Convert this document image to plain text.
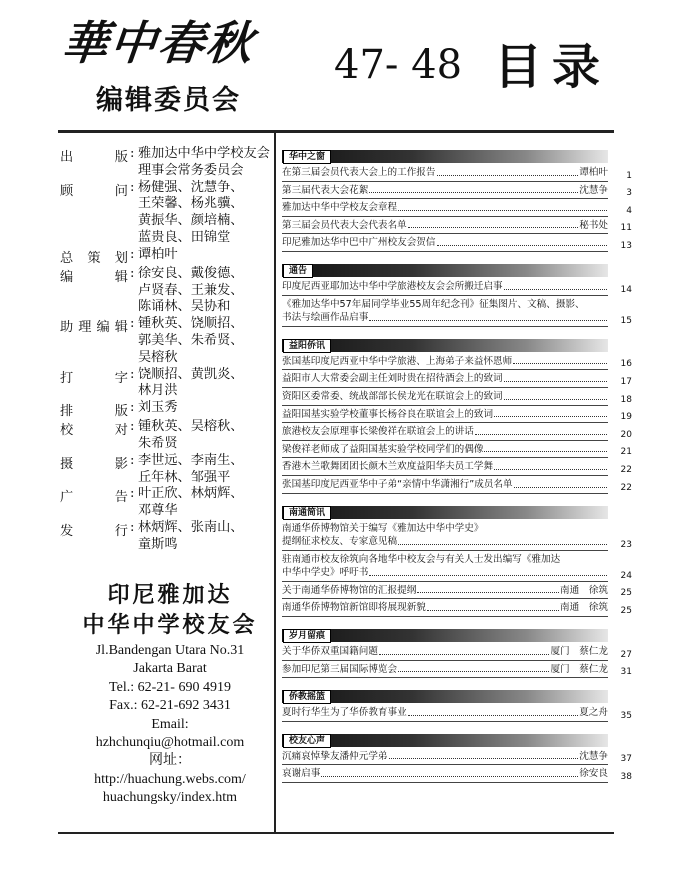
華中春秋
编辑委员会
47- 48 目录
出版 : 雅加达中华中学校友会
理事会常务委员会
顾问 : 杨健强、沈慧争、
王荣馨、杨兆骥、
黄振华、颜培楠、
蓝贵良、田锦堂
总策划 : 谭柏叶
编辑 : 徐安良、戴俊德、
卢贤春、王兼发、
陈诵林、吴协和
助理编辑 : 锺秋英、饶顺招、
郭美华、朱希贤、
吴榕秋
打字 : 饶顺招、黄凯炎、
林月洪
排版 : 刘玉秀
校对 : 锺秋英、吴榕秋、
朱希贤
摄影 : 李世远、李南生、
丘年林、邹强平
广告 : 叶正欣、林炳辉、
邓尊华
发行 : 林炳辉、张南山、
童斯鸣
印尼雅加达
中华中学校友会
Jl.Bandengan Utara No.31
Jakarta Barat
Tel.: 62-21- 690 4919
Fax.: 62-21-692 3431
Email:
hzhchunqiu@hotmail.com
网址：
http://huachung.webs.com/
huachungsky/index.htm
华中之窗
在第三届会员代表大会上的工作报告	谭柏叶	1
第三届代表大会花絮	沈慧争	3
雅加达中华中学校友会章程	4
第三届会员代表大会代表名单	秘书处	11
印尼雅加达华中巴中广州校友会贺信	13
通告
印度尼西亚耶加达中华中学旅港校友会会所搬迁启事	14
《雅加达华中57年届同学毕业55周年纪念刊》征集图片、文稿、摄影、
书法与绘画作品启事	15
益阳侨讯
张国基印度尼西亚中华中学旅港、上海弟子来益怀恩师	16
益阳市人大常委会副主任刘时贵在招待酒会上的致词	17
资阳区委常委、统战部部长侯龙光在联谊会上的致词	18
益阳国基实验学校董事长杨谷良在联谊会上的致词	19
旅港校友会原理事长梁俊祥在联谊会上的讲话	20
梁俊祥老师成了益阳国基实验学校同学们的偶像	21
香港木兰歌舞团团长颜木兰欢度益阳华夫员工学舞	22
张国基印度尼西亚华中子弟“亲情中华潇湘行”成员名单	22
南通简讯
南通华侨博物馆关于编写《雅加达中华中学史》
提纲征求校友、专家意见稿	23
驻南通市校友徐筑向各地华中校友会与有关人士发出编写《雅加达
中华中学史》呼吁书	24
关于南通华侨博物馆的汇报提纲	南通　徐筑	25
南通华侨博物馆新馆即将展现新貌	南通　徐筑	25
岁月留痕
关于华侨双重国籍问题	厦门　蔡仁龙	27
参加印尼第三届国际博览会	厦门　蔡仁龙	31
侨教摇篮
夏时行华生为了华侨教育事业	夏之舟	35
校友心声
沉痛哀悼挚友潘仲元学弟	沈慧争	37
哀谢启事	徐安良	38
